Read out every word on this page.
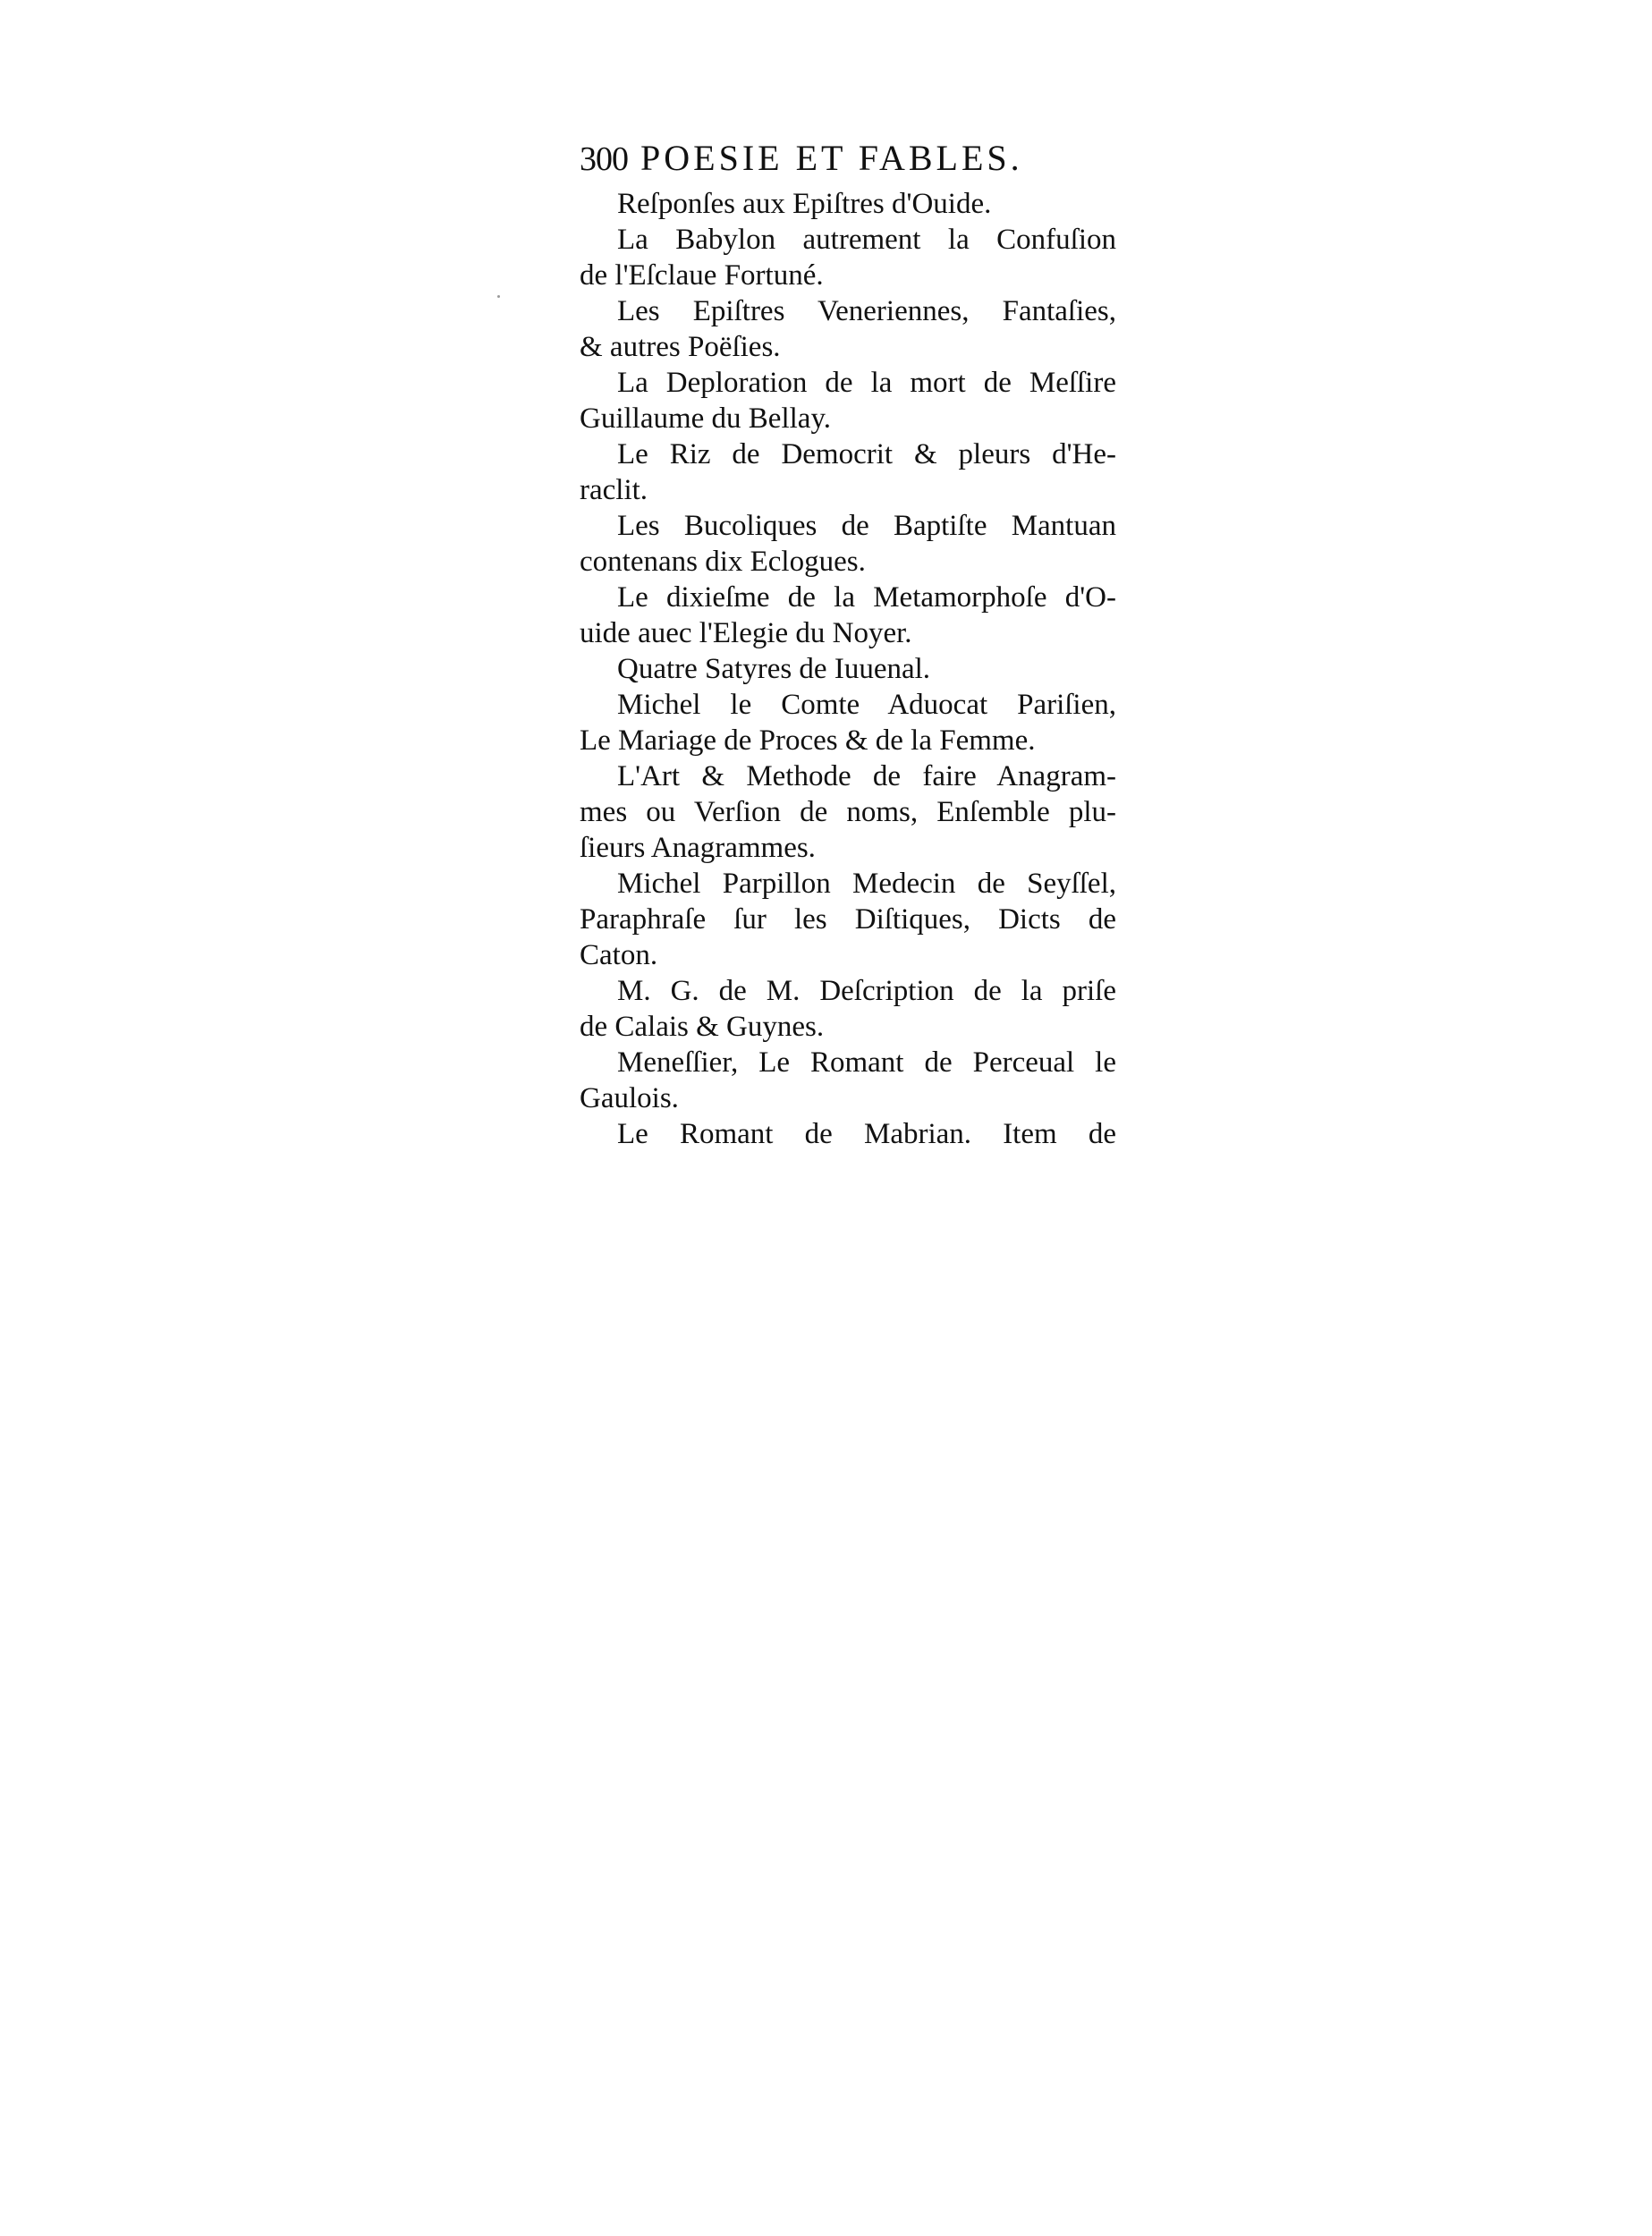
300 POESIE ET FABLES.
Reſponſes aux Epiſtres d'Ouide.
La Babylon autrement la Confuſion
de l'Eſclaue Fortuné.
Les Epiſtres Veneriennes, Fantaſies,
& autres Poëſies.
La Deploration de la mort de Meſſire
Guillaume du Bellay.
Le Riz de Democrit & pleurs d'He-
raclit.
Les Bucoliques de Baptiſte Mantuan
contenans dix Eclogues.
Le dixieſme de la Metamorphoſe d'O-
uide auec l'Elegie du Noyer.
Quatre Satyres de Iuuenal.
Michel le Comte Aduocat Pariſien,
Le Mariage de Proces & de la Femme.
L'Art & Methode de faire Anagram-
mes ou Verſion de noms, Enſemble plu-
ſieurs Anagrammes.
Michel Parpillon Medecin de Seyſſel,
Paraphraſe ſur les Diſtiques, Dicts de
Caton.
M. G. de M. Deſcription de la priſe
de Calais & Guynes.
Meneſſier, Le Romant de Perceual le
Gaulois.
Le Romant de Mabrian. Item de
